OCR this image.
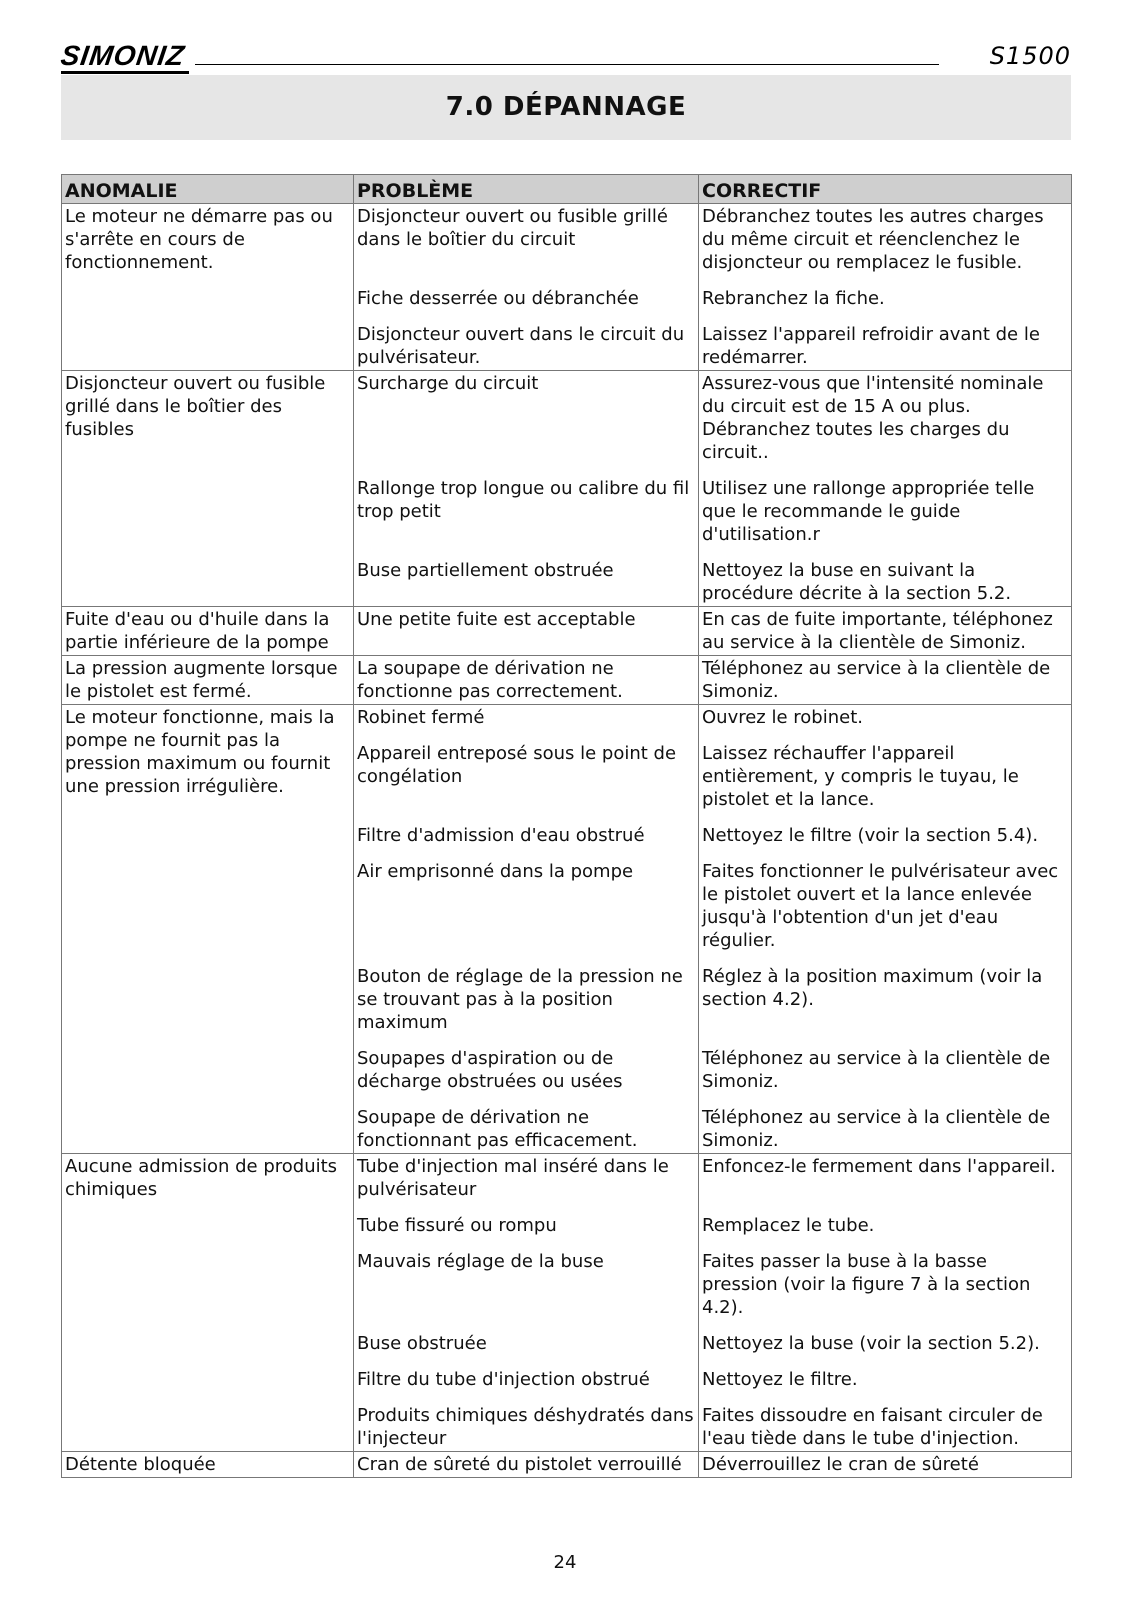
SIMONIZ	S1500
7.0 DÉPANNAGE
ANOMALIE	PROBLÈME	CORRECTIF
Le moteur ne démarre pas ou s'arrête en cours de fonctionnement.	Disjoncteur ouvert ou fusible grillé dans le boîtier du circuit	Débranchez toutes les autres charges du même circuit et réenclenchez le disjoncteur ou remplacez le fusible.
	Fiche desserrée ou débranchée	Rebranchez la fiche.
	Disjoncteur ouvert dans le circuit du pulvérisateur.	Laissez l'appareil refroidir avant de le redémarrer.
Disjoncteur ouvert ou fusible grillé dans le boîtier des fusibles	Surcharge du circuit	Assurez-vous que l'intensité nominale du circuit est de 15 A ou plus. Débranchez toutes les charges du circuit..
	Rallonge trop longue ou calibre du fil trop petit	Utilisez une rallonge appropriée telle que le recommande le guide d'utilisation.r
	Buse partiellement obstruée	Nettoyez la buse en suivant la procédure décrite à la section 5.2.
Fuite d'eau ou d'huile dans la partie inférieure de la pompe	Une petite fuite est acceptable	En cas de fuite importante, téléphonez au service à la clientèle de Simoniz.
La pression augmente lorsque le pistolet est fermé.	La soupape de dérivation ne fonctionne pas correctement.	Téléphonez au service à la clientèle de Simoniz.
Le moteur fonctionne, mais la pompe ne fournit pas la pression maximum ou fournit une pression irrégulière.	Robinet fermé	Ouvrez le robinet.
	Appareil entreposé sous le point de congélation	Laissez réchauffer l'appareil entièrement, y compris le tuyau, le pistolet et la lance.
	Filtre d'admission d'eau obstrué	Nettoyez le filtre (voir la section 5.4).
	Air emprisonné dans la pompe	Faites fonctionner le pulvérisateur avec le pistolet ouvert et la lance enlevée jusqu'à l'obtention d'un jet d'eau régulier.
	Bouton de réglage de la pression ne se trouvant pas à la position maximum	Réglez à la position maximum (voir la section 4.2).
	Soupapes d'aspiration ou de décharge obstruées ou usées	Téléphonez au service à la clientèle de Simoniz.
	Soupape de dérivation ne fonctionnant pas efficacement.	Téléphonez au service à la clientèle de Simoniz.
Aucune admission de produits chimiques	Tube d'injection mal inséré dans le pulvérisateur	Enfoncez-le fermement dans l'appareil.
	Tube fissuré ou rompu	Remplacez le tube.
	Mauvais réglage de la buse	Faites passer la buse à la basse pression (voir la figure 7 à la section 4.2).
	Buse obstruée	Nettoyez la buse (voir la section 5.2).
	Filtre du tube d'injection obstrué	Nettoyez le filtre.
	Produits chimiques déshydratés dans l'injecteur	Faites dissoudre en faisant circuler de l'eau tiède dans le tube d'injection.
Détente bloquée	Cran de sûreté du pistolet verrouillé	Déverrouillez le cran de sûreté
24
